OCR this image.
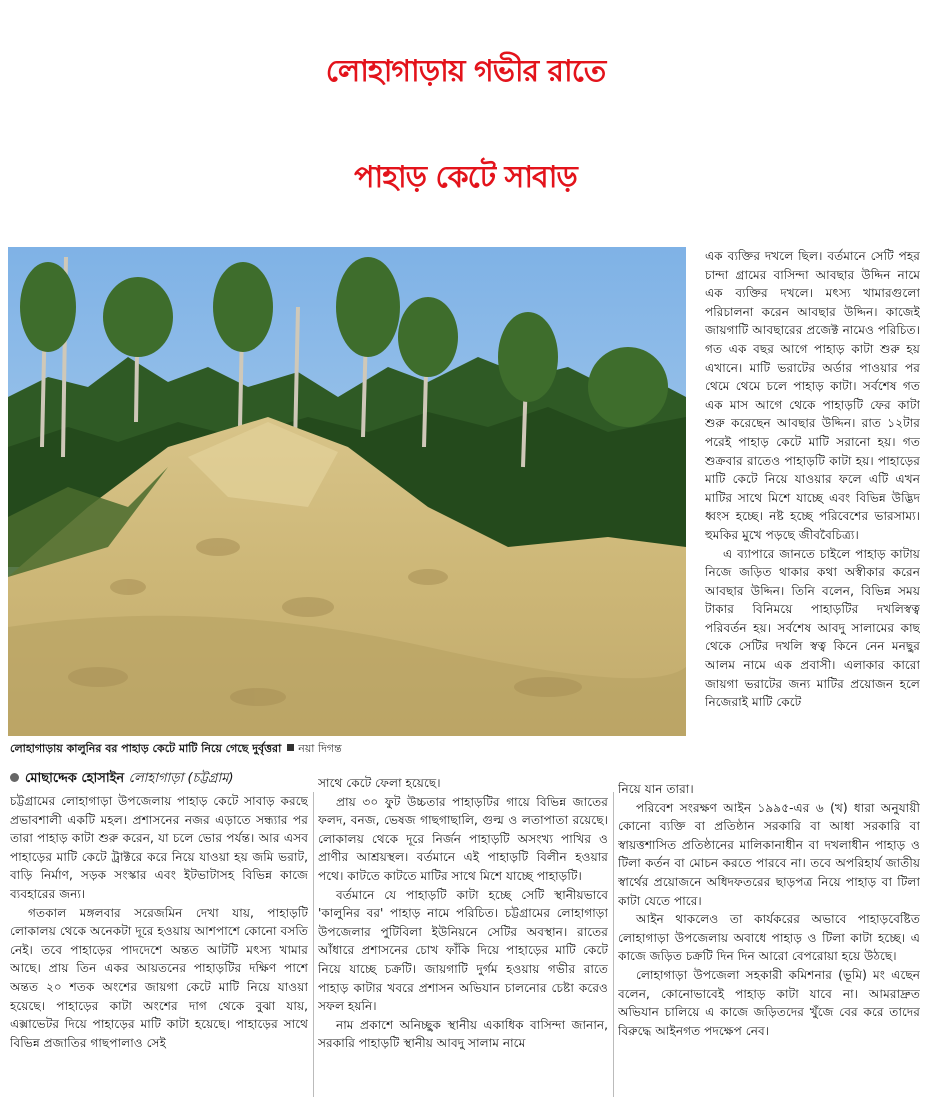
লোহাগাড়ায় গভীর রাতে
পাহাড় কেটে সাবাড়
লোহাগাড়ায় কালুনির বর পাহাড় কেটে মাটি নিয়ে গেছে দুর্বৃত্তরা নয়া দিগন্ত
মোছাদ্দেক হোসাইন লোহাগাড়া (চট্টগ্রাম)

চট্টগ্রামের লোহাগাড়া উপজেলায় পাহাড় কেটে সাবাড় করছে প্রভাবশালী একটি মহল। প্রশাসনের নজর এড়াতে সন্ধ্যার পর তারা পাহাড় কাটা শুরু করেন, যা চলে ভোর পর্যন্ত। আর এসব পাহাড়ের মাটি কেটে ট্রাক্টরে করে নিয়ে যাওয়া হয় জমি ভরাট, বাড়ি নির্মাণ, সড়ক সংস্কার এবং ইটভাটাসহ বিভিন্ন কাজে ব্যবহারের জন্য।

গতকাল মঙ্গলবার সরেজমিন দেখা যায়, পাহাড়টি লোকালয় থেকে অনেকটা দূরে হওয়ায় আশপাশে কোনো বসতি নেই। তবে পাহাড়ের পাদদেশে অন্তত আটটি মৎস্য খামার আছে। প্রায় তিন একর আয়তনের পাহাড়টির দক্ষিণ পাশে অন্তত ২০ শতক অংশের জায়গা কেটে মাটি নিয়ে যাওয়া হয়েছে। পাহাড়ের কাটা অংশের দাগ থেকে বুঝা যায়, এক্সাভেটর দিয়ে পাহাড়ের মাটি কাটা হয়েছে। পাহাড়ের সাথে বিভিন্ন প্রজাতির গাছপালাও সেই

সাথে কেটে ফেলা হয়েছে।

প্রায় ৩০ ফুট উচ্চতার পাহাড়টির গায়ে বিভিন্ন জাতের ফলদ, বনজ, ভেষজ গাছগাছালি, গুল্ম ও লতাপাতা রয়েছে। লোকালয় থেকে দূরে নির্জন পাহাড়টি অসংখ্য পাখির ও প্রাণীর আশ্রয়স্থল। বর্তমানে এই পাহাড়টি বিলীন হওয়ার পথে। কাটতে কাটতে মাটির সাথে মিশে যাচ্ছে পাহাড়টি।

বর্তমানে যে পাহাড়টি কাটা হচ্ছে সেটি স্থানীয়ভাবে 'কালুনির বর' পাহাড় নামে পরিচিত। চট্টগ্রামের লোহাগাড়া উপজেলার পুটিবিলা ইউনিয়নে সেটির অবস্থান। রাতের আঁধারে প্রশাসনের চোখ ফাঁকি দিয়ে পাহাড়ের মাটি কেটে নিয়ে যাচ্ছে চক্রটি। জায়গাটি দুর্গম হওয়ায় গভীর রাতে পাহাড় কাটার খবরে প্রশাসন অভিযান চালনোর চেষ্টা করেও সফল হয়নি।

নাম প্রকাশে অনিচ্ছুক স্থানীয় একাধিক বাসিন্দা জানান, সরকারি পাহাড়টি স্থানীয় আবদু সালাম নামে

এক ব্যক্তির দখলে ছিল। বর্তমানে সেটি পহর চান্দা গ্রামের বাসিন্দা আবছার উদ্দিন নামে এক ব্যক্তির দখলে। মৎস্য খামারগুলো পরিচালনা করেন আবছার উদ্দিন। কাজেই জায়গাটি আবছারের প্রজেক্ট নামেও পরিচিত। গত এক বছর আগে পাহাড় কাটা শুরু হয় এখানে। মাটি ভরাটের অর্ডার পাওয়ার পর থেমে থেমে চলে পাহাড় কাটা। সর্বশেষ গত এক মাস আগে থেকে পাহাড়টি ফের কাটা শুরু করেছেন আবছার উদ্দিন। রাত ১২টার পরেই পাহাড় কেটে মাটি সরানো হয়। গত শুক্রবার রাতেও পাহাড়টি কাটা হয়। পাহাড়ের মাটি কেটে নিয়ে যাওয়ার ফলে এটি এখন মাটির সাথে মিশে যাচ্ছে এবং বিভিন্ন উদ্ভিদ ধ্বংস হচ্ছে। নষ্ট হচ্ছে পরিবেশের ভারসাম্য। হুমকির মুখে পড়ছে জীববৈচিত্র্য।

এ ব্যাপারে জানতে চাইলে পাহাড় কাটায় নিজে জড়িত থাকার কথা অস্বীকার করেন আবছার উদ্দিন। তিনি বলেন, বিভিন্ন সময় টাকার বিনিময়ে পাহাড়টির দখলিস্বত্ব পরিবর্তন হয়। সর্বশেষ আবদু সালামের কাছ থেকে সেটির দখলি স্বত্ব কিনে নেন মনছুর আলম নামে এক প্রবাসী। এলাকার কারো জায়গা ভরাটের জন্য মাটির প্রয়োজন হলে নিজেরাই মাটি কেটে

নিয়ে যান তারা।

পরিবেশ সংরক্ষণ আইন ১৯৯৫-এর ৬ (খ) ধারা অনুযায়ী কোনো ব্যক্তি বা প্রতিষ্ঠান সরকারি বা আধা সরকারি বা স্বায়ত্তশাসিত প্রতিষ্ঠানের মালিকানাধীন বা দখলাধীন পাহাড় ও টিলা কর্তন বা মোচন করতে পারবে না। তবে অপরিহার্য জাতীয় স্বার্থের প্রয়োজনে অধিদফতরের ছাড়পত্র নিয়ে পাহাড় বা টিলা কাটা যেতে পারে।

আইন থাকলেও তা কার্যকরের অভাবে পাহাড়বেষ্টিত লোহাগাড়া উপজেলায় অবাধে পাহাড় ও টিলা কাটা হচ্ছে। এ কাজে জড়িত চক্রটি দিন দিন আরো বেপরোয়া হয়ে উঠছে।

লোহাগাড়া উপজেলা সহকারী কমিশনার (ভূমি) মং এছেন বলেন, কোনোভাবেই পাহাড় কাটা যাবে না। আমরাদ্রুত অভিযান চালিয়ে এ কাজে জড়িতদের খুঁজে বের করে তাদের বিরুদ্ধে আইনগত পদক্ষেপ নেব।
